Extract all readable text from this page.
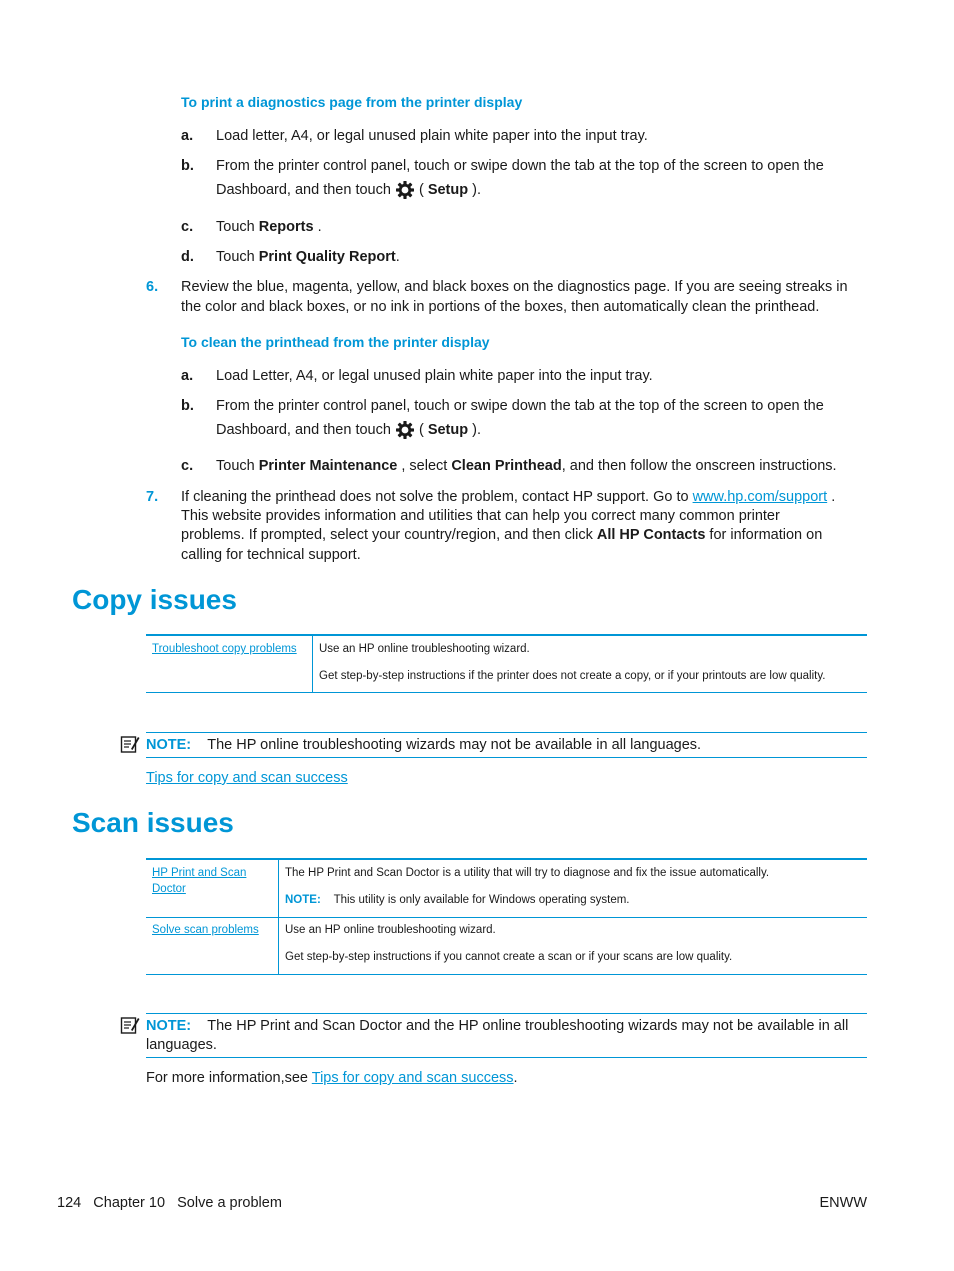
To print a diagnostics page from the printer display
a. Load letter, A4, or legal unused plain white paper into the input tray.
b. From the printer control panel, touch or swipe down the tab at the top of the screen to open the
Dashboard, and then touch ( Setup ).
c. Touch Reports .
d. Touch Print Quality Report.
6. Review the blue, magenta, yellow, and black boxes on the diagnostics page. If you are seeing streaks in
the color and black boxes, or no ink in portions of the boxes, then automatically clean the printhead.
To clean the printhead from the printer display
a. Load Letter, A4, or legal unused plain white paper into the input tray.
b. From the printer control panel, touch or swipe down the tab at the top of the screen to open the
Dashboard, and then touch ( Setup ).
c. Touch Printer Maintenance , select Clean Printhead, and then follow the onscreen instructions.
7. If cleaning the printhead does not solve the problem, contact HP support. Go to www.hp.com/support .
This website provides information and utilities that can help you correct many common printer
problems. If prompted, select your country/region, and then click All HP Contacts for information on
calling for technical support.
Copy issues
Troubleshoot copy problems Use an HP online troubleshooting wizard.
Get step-by-step instructions if the printer does not create a copy, or if your printouts are low quality.
NOTE: The HP online troubleshooting wizards may not be available in all languages.
Tips for copy and scan success
Scan issues
HP Print and Scan
Doctor
The HP Print and Scan Doctor is a utility that will try to diagnose and fix the issue automatically.
NOTE: This utility is only available for Windows operating system.
Solve scan problems Use an HP online troubleshooting wizard.
Get step-by-step instructions if you cannot create a scan or if your scans are low quality.
NOTE: The HP Print and Scan Doctor and the HP online troubleshooting wizards may not be available in all
languages.
For more information,see Tips for copy and scan success.
124 Chapter 10 Solve a problem	ENWW
